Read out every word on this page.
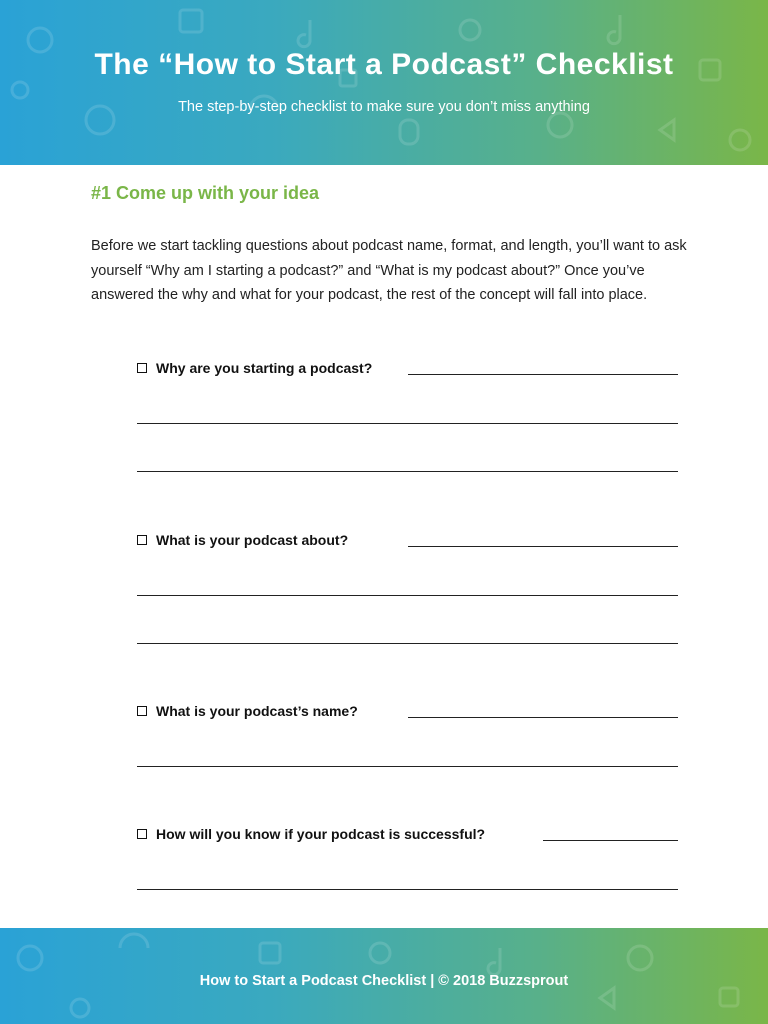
The “How to Start a Podcast” Checklist
The step-by-step checklist to make sure you don’t miss anything
#1 Come up with your idea
Before we start tackling questions about podcast name, format, and length, you’ll want to ask yourself “Why am I starting a podcast?” and “What is my podcast about?” Once you’ve answered the why and what for your podcast, the rest of the concept will fall into place.
Why are you starting a podcast?
What is your podcast about?
What is your podcast’s name?
How will you know if your podcast is successful?
How to Start a Podcast Checklist | © 2018 Buzzsprout
